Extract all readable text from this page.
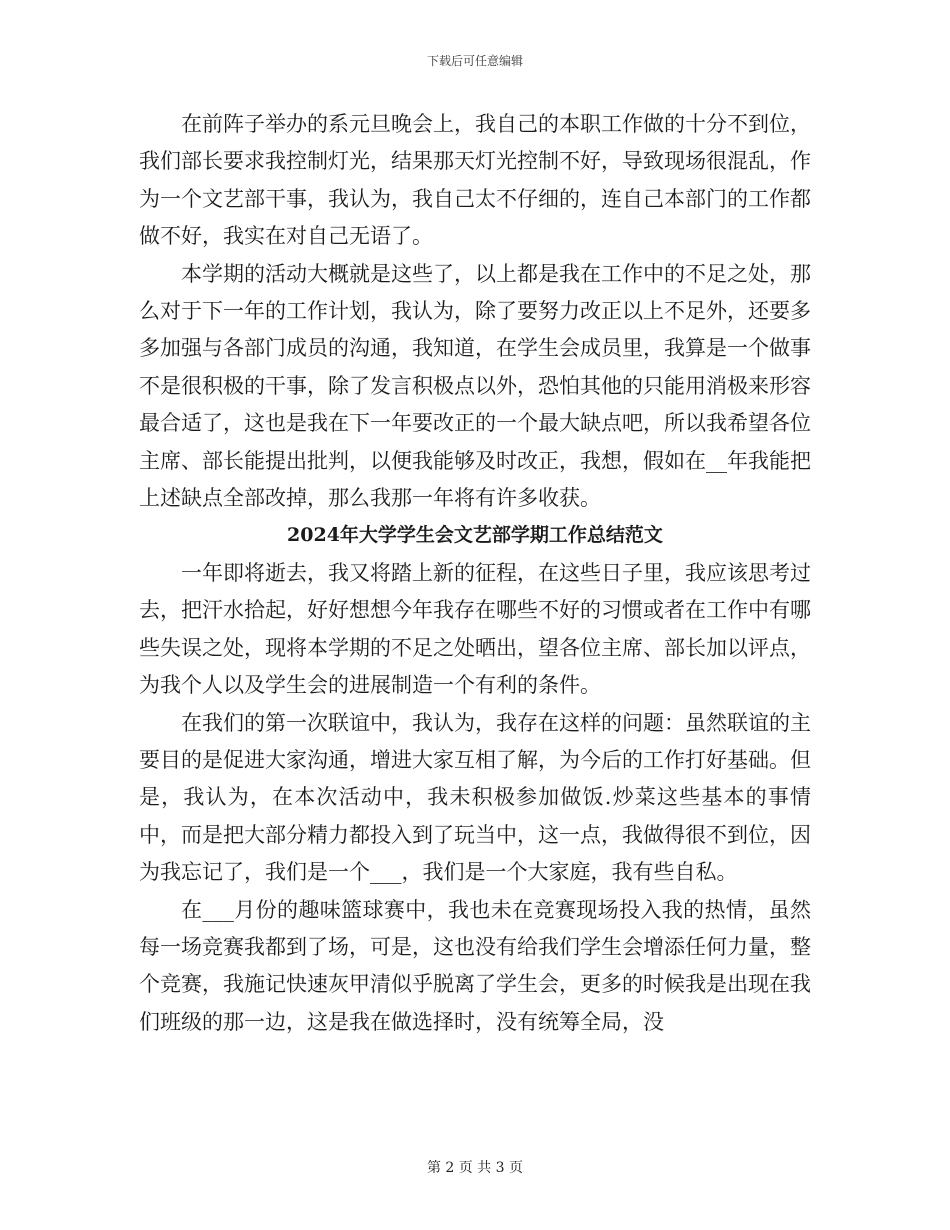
下载后可任意编辑

在前阵子举办的系元旦晚会上，我自己的本职工作做的十分不到位，我们部长要求我控制灯光，结果那天灯光控制不好，导致现场很混乱，作为一个文艺部干事，我认为，我自己太不仔细的，连自己本部门的工作都做不好，我实在对自己无语了。

本学期的活动大概就是这些了，以上都是我在工作中的不足之处，那么对于下一年的工作计划，我认为，除了要努力改正以上不足外，还要多多加强与各部门成员的沟通，我知道，在学生会成员里，我算是一个做事不是很积极的干事，除了发言积极点以外，恐怕其他的只能用消极来形容最合适了，这也是我在下一年要改正的一个最大缺点吧，所以我希望各位主席、部长能提出批判，以便我能够及时改正，我想，假如在__年我能把上述缺点全部改掉，那么我那一年将有许多收获。

2024年大学学生会文艺部学期工作总结范文

一年即将逝去，我又将踏上新的征程，在这些日子里，我应该思考过去，把汗水拾起，好好想想今年我存在哪些不好的习惯或者在工作中有哪些失误之处，现将本学期的不足之处晒出，望各位主席、部长加以评点，为我个人以及学生会的进展制造一个有利的条件。

在我们的第一次联谊中，我认为，我存在这样的问题：虽然联谊的主要目的是促进大家沟通，增进大家互相了解，为今后的工作打好基础。但是，我认为，在本次活动中，我未积极参加做饭.炒菜这些基本的事情中，而是把大部分精力都投入到了玩当中，这一点，我做得很不到位，因为我忘记了，我们是一个___，我们是一个大家庭，我有些自私。

在___月份的趣味篮球赛中，我也未在竞赛现场投入我的热情，虽然每一场竞赛我都到了场，可是，这也没有给我们学生会增添任何力量，整个竞赛，我施记快速灰甲清似乎脱离了学生会，更多的时候我是出现在我们班级的那一边，这是我在做选择时，没有统筹全局，没

第 2 页 共 3 页
